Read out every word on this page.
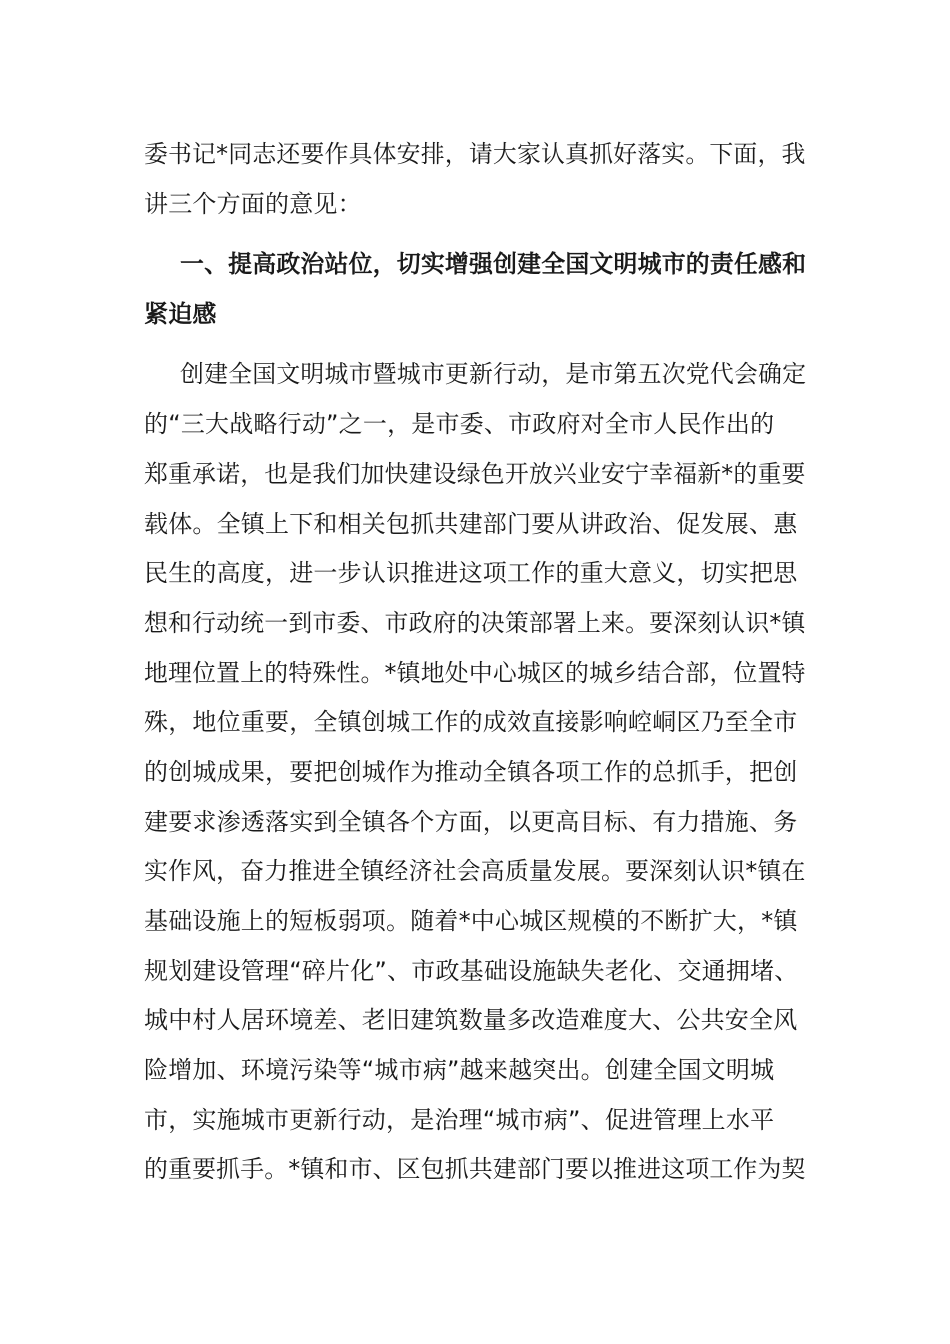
委书记*同志还要作具体安排，请大家认真抓好落实。下面，我
讲三个方面的意见：
一、提高政治站位，切实增强创建全国文明城市的责任感和
紧迫感
创建全国文明城市暨城市更新行动，是市第五次党代会确定
的“三大战略行动”之一，是市委、市政府对全市人民作出的
郑重承诺，也是我们加快建设绿色开放兴业安宁幸福新*的重要
载体。全镇上下和相关包抓共建部门要从讲政治、促发展、惠
民生的高度，进一步认识推进这项工作的重大意义，切实把思
想和行动统一到市委、市政府的决策部署上来。要深刻认识*镇
地理位置上的特殊性。*镇地处中心城区的城乡结合部，位置特
殊，地位重要，全镇创城工作的成效直接影响崆峒区乃至全市
的创城成果，要把创城作为推动全镇各项工作的总抓手，把创
建要求渗透落实到全镇各个方面，以更高目标、有力措施、务
实作风，奋力推进全镇经济社会高质量发展。要深刻认识*镇在
基础设施上的短板弱项。随着*中心城区规模的不断扩大，*镇
规划建设管理“碎片化”、市政基础设施缺失老化、交通拥堵、
城中村人居环境差、老旧建筑数量多改造难度大、公共安全风
险增加、环境污染等“城市病”越来越突出。创建全国文明城
市，实施城市更新行动，是治理“城市病”、促进管理上水平
的重要抓手。*镇和市、区包抓共建部门要以推进这项工作为契
